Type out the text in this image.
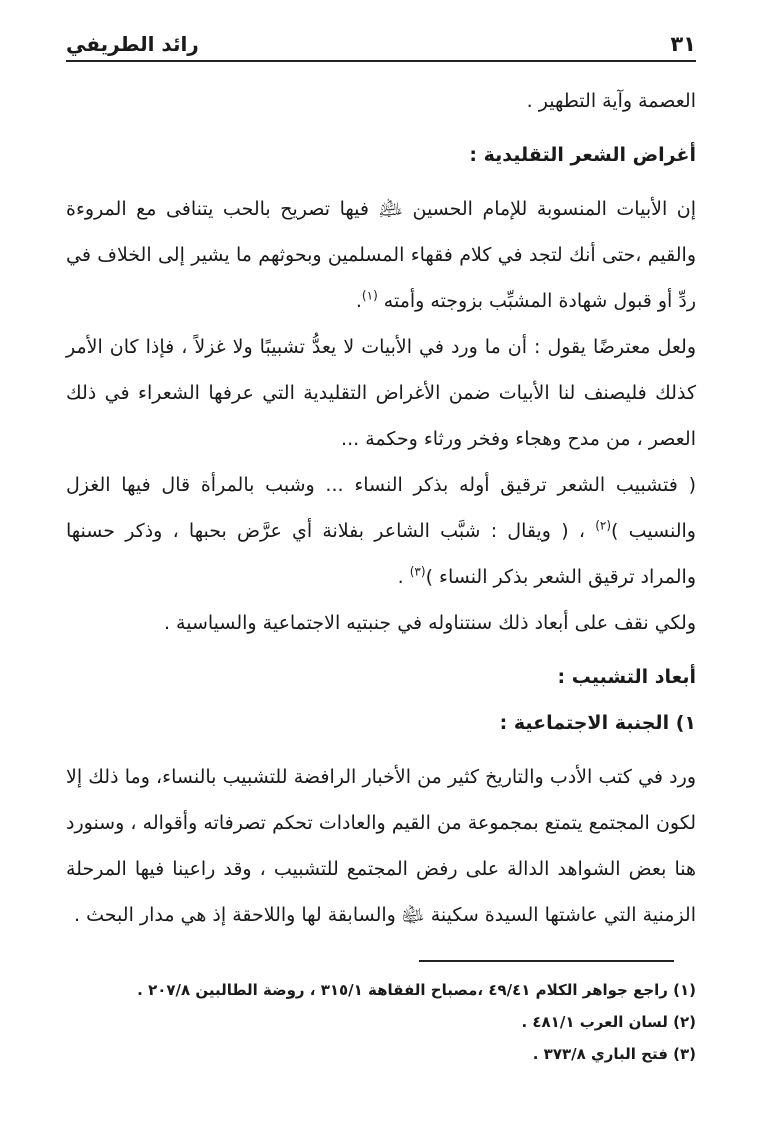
٣١
رائد الطريفي

العصمة وآية التطهير .

أغراض الشعر التقليدية :

إن الأبيات المنسوبة للإمام الحسين ﵇ فيها تصريح بالحب يتنافى مع المروءة والقيم ،حتى أنك لتجد في كلام فقهاء المسلمين وبحوثهم ما يشير إلى الخلاف في ردِّ أو قبول شهادة المشبِّب بزوجته وأمته $^{(١)}$.

ولعل معترضًا يقول : أن ما ورد في الأبيات لا يعدُّ تشبيبًا ولا غزلاً ، فإذا كان الأمر كذلك فليصنف لنا الأبيات ضمن الأغراض التقليدية التي عرفها الشعراء في ذلك العصر ، من مدح وهجاء وفخر ورثاء وحكمة ...

( فتشبيب الشعر ترقيق أوله بذكر النساء ... وشبب بالمرأة قال فيها الغزل والنسيب )$^{(٢)}$ ، ( ويقال : شبَّب الشاعر بفلانة أي عرَّض بحبها ، وذكر حسنها والمراد ترقيق الشعر بذكر النساء )$^{(٣)}$ .

ولكي نقف على أبعاد ذلك سنتناوله في جنبتيه الاجتماعية والسياسية .

أبعاد التشبيب :

١) الجنبة الاجتماعية :

ورد في كتب الأدب والتاريخ كثير من الأخبار الرافضة للتشبيب بالنساء، وما ذلك إلا لكون المجتمع يتمتع بمجموعة من القيم والعادات تحكم تصرفاته وأقواله ، وسنورد هنا بعض الشواهد الدالة على رفض المجتمع للتشبيب ، وقد راعينا فيها المرحلة الزمنية التي عاشتها السيدة سكينة ﵍ والسابقة لها واللاحقة إذ هي مدار البحث .

(١) راجع جواهر الكلام ٤٩/٤١ ،مصباح الفقاهة ٣١٥/١ ، روضة الطالبين ٢٠٧/٨ .

(٢) لسان العرب ٤٨١/١ .

(٣) فتح الباري ٣٧٣/٨ .
